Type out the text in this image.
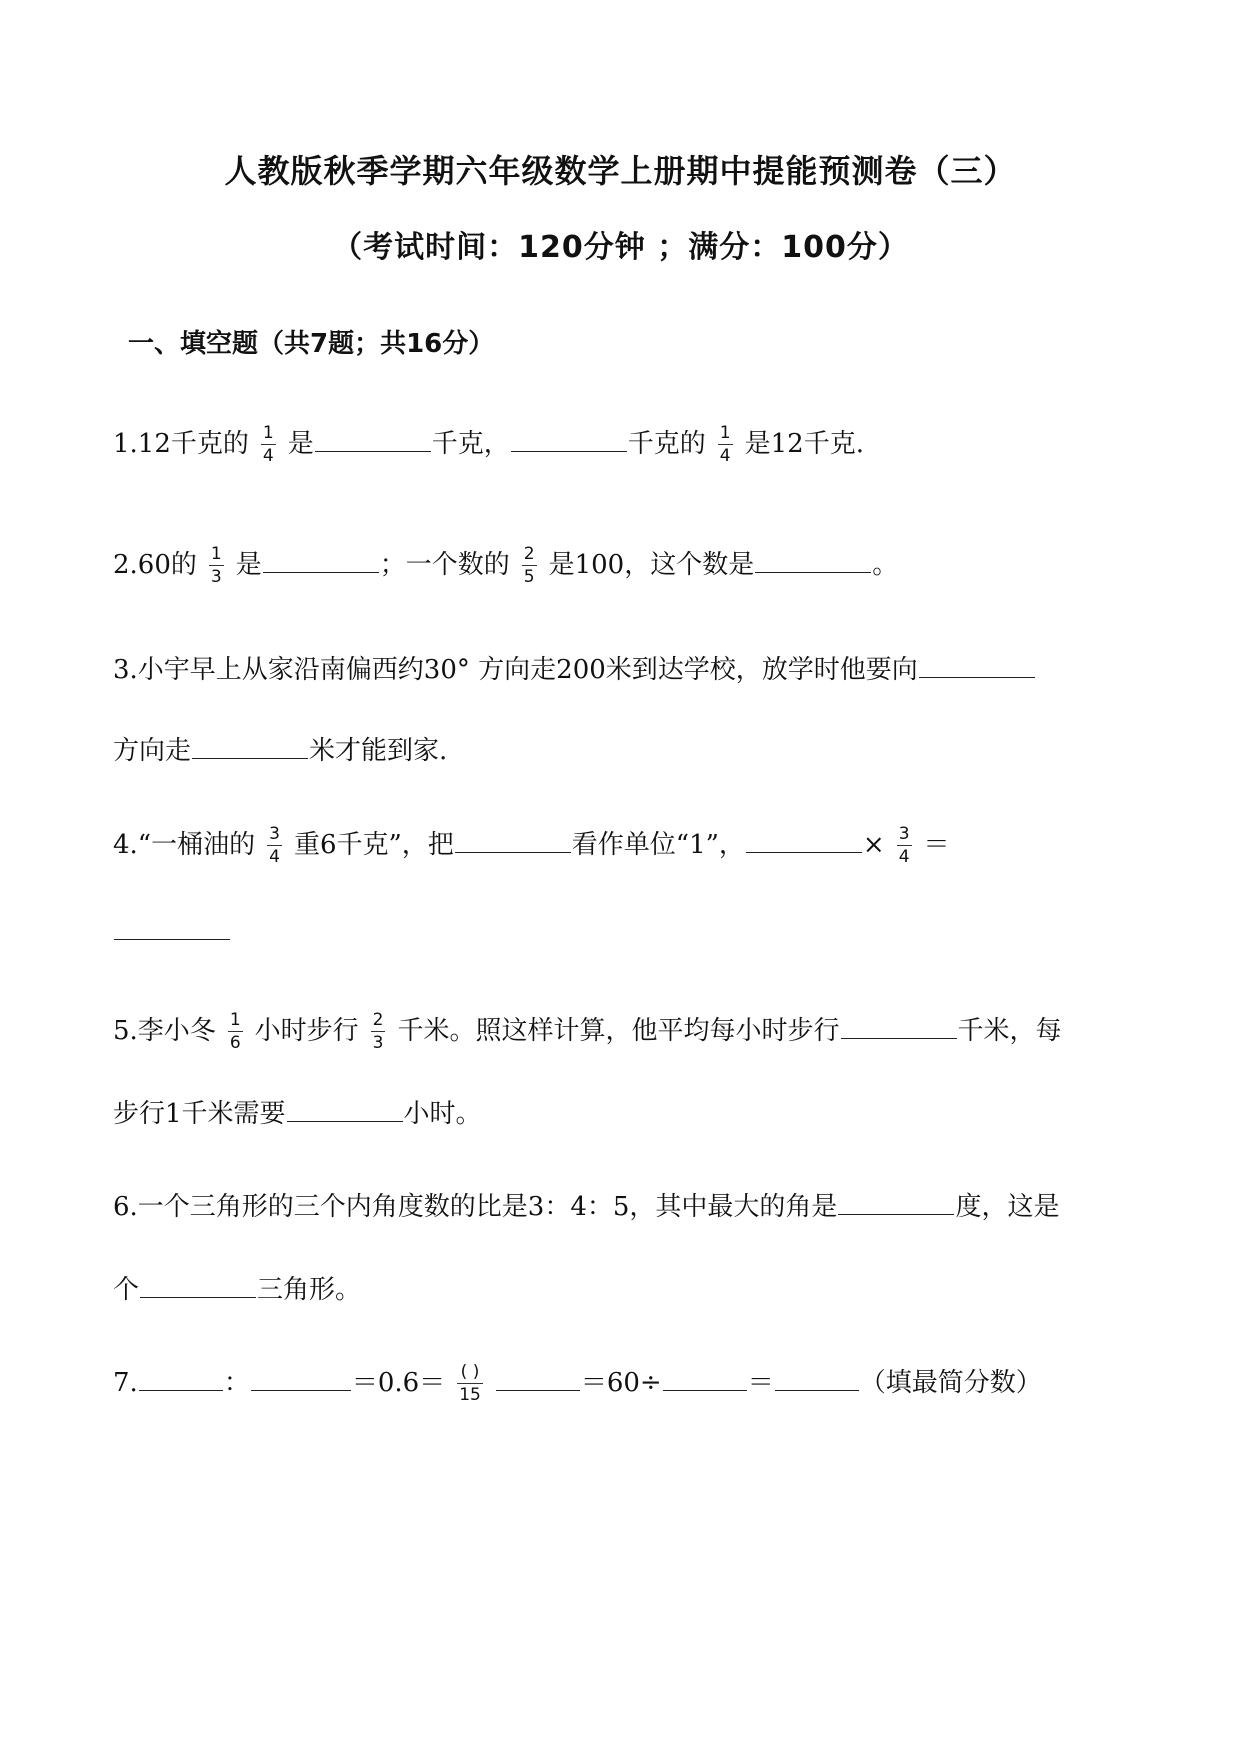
人教版秋季学期六年级数学上册期中提能预测卷（三）
（考试时间：120分钟 ；满分：100分）
一、填空题（共7题；共16分）
1.12千克的 $\frac{1}{4}$ 是	千克，	千克的 $\frac{1}{4}$ 是12千克.
2.60的 $\frac{1}{3}$ 是	；一个数的 $\frac{2}{5}$ 是100，这个数是	。
3.小宇早上从家沿南偏西约30° 方向走200米到达学校，放学时他要向
方向走	米才能到家.
4.“一桶油的 $\frac{3}{4}$ 重6千克”，把	看作单位“1”，	× $\frac{3}{4}$ ＝
5.李小冬 $\frac{1}{6}$ 小时步行 $\frac{2}{3}$ 千米。照这样计算，他平均每小时步行	千米，每
步行1千米需要	小时。
6.一个三角形的三个内角度数的比是3：4：5，其中最大的角是	度，这是
个	三角形。
7.	：	$=0.6= \frac{( )}{15}$	＝60÷	＝	（填最简分数）
